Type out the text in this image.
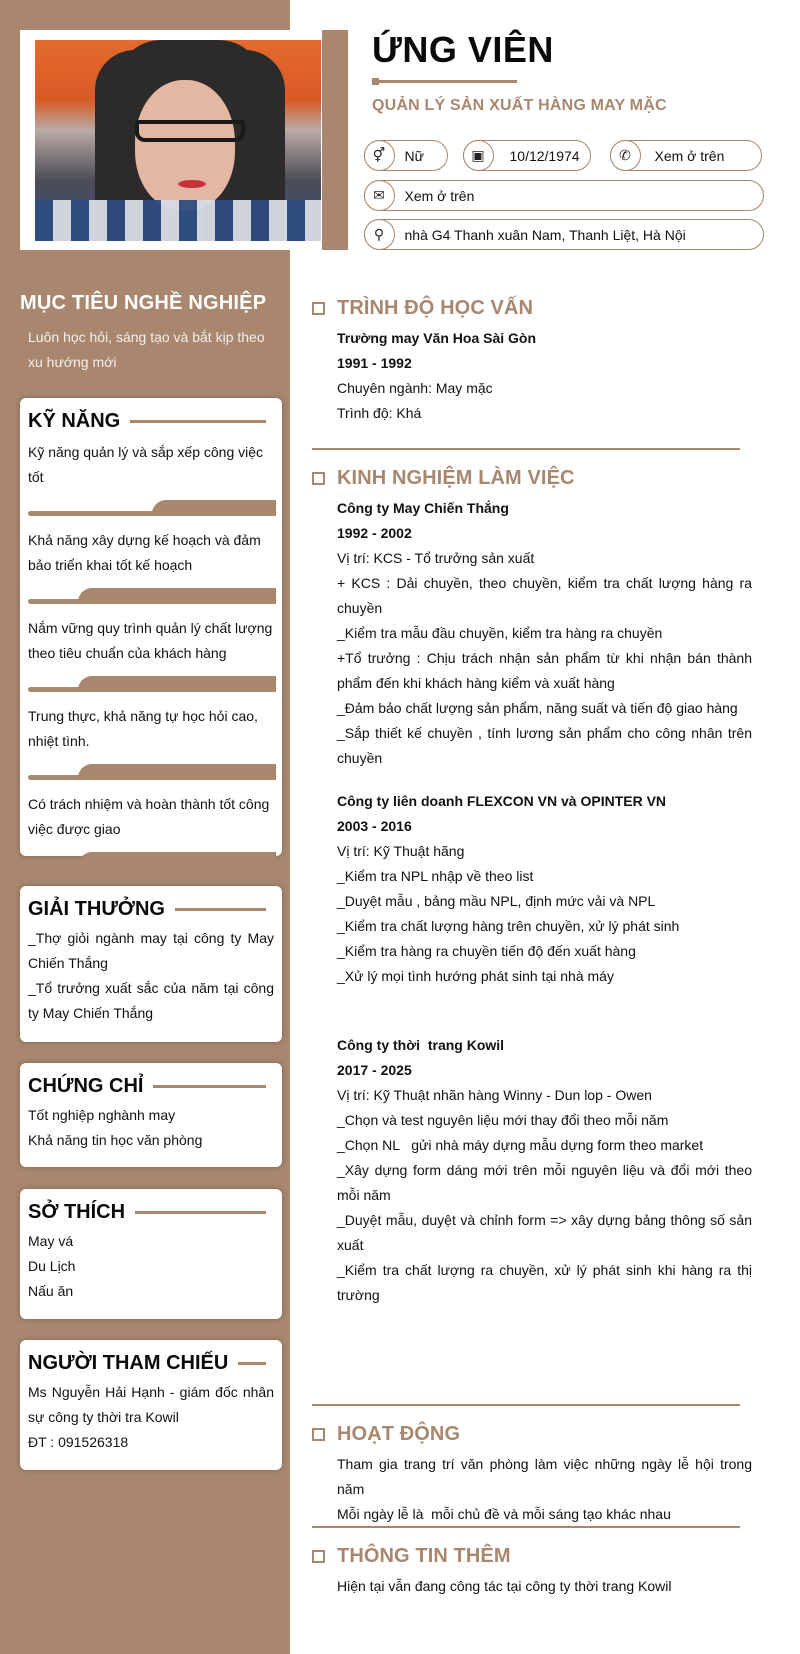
ỨNG VIÊN
QUẢN LÝ SẢN XUẤT HÀNG MAY MẶC
⚥	Nữ	▣	10/12/1974	✆	Xem ở trên
✉	Xem ở trên
⚲	nhà G4 Thanh xuân Nam, Thanh Liệt, Hà Nội
MỤC TIÊU NGHỀ NGHIỆP
Luôn học hỏi, sáng tạo và bắt kịp theo xu hướng mới
KỸ NĂNG
Kỹ năng quản lý và sắp xếp công việc tốt
Khả năng xây dựng kế hoạch và đảm bảo triển khai tốt kế hoạch
Nắm vững quy trình quản lý chất lượng theo tiêu chuẩn của khách hàng
Trung thực, khả năng tự học hỏi cao, nhiệt tình.
Có trách nhiệm và hoàn thành tốt công việc được giao
GIẢI THƯỞNG
_Thợ giỏi ngành may tại công ty May Chiến Thắng
_Tổ trưởng xuất sắc của năm tại công ty May Chiến Thắng
CHỨNG CHỈ
Tốt nghiệp nghành may
Khả năng tin học văn phòng
SỞ THÍCH
May vá
Du Lịch
Nấu ăn
NGƯỜI THAM CHIẾU
Ms Nguyễn Hải Hạnh - giám đốc nhân sự công ty thời tra Kowil
ĐT : 091526318
TRÌNH ĐỘ HỌC VẤN
Trường may Văn Hoa Sài Gòn
1991 - 1992
Chuyên ngành: May mặc
Trình độ: Khá
KINH NGHIỆM LÀM VIỆC
Công ty May Chiến Thắng
1992 - 2002
Vị trí: KCS - Tổ trưởng sản xuất
+ KCS : Dải chuyền, theo chuyền, kiểm tra chất lượng hàng ra chuyền
_Kiểm tra mẫu đầu chuyền, kiểm tra hàng ra chuyền
+Tổ trưởng : Chịu trách nhận sản phẩm từ khi nhận bán thành phẩm đến khi khách hàng kiểm và xuất hàng
_Đảm bảo chất lượng sản phẩm, năng suất và tiến độ giao hàng
_Sắp thiết kế chuyền , tính lương sản phẩm cho công nhân trên chuyền
Công ty liên doanh FLEXCON VN và OPINTER VN
2003 - 2016
Vị trí: Kỹ Thuật hãng
_Kiểm tra NPL nhập về theo list
_Duyệt mẫu , bảng mầu NPL, định mức vải và NPL
_Kiểm tra chất lượng hàng trên chuyền, xử lý phát sinh
_Kiểm tra hàng ra chuyền tiến độ đến xuất hàng
_Xử lý mọi tình hướng phát sinh tại nhà máy
Công ty thời  trang Kowil
2017 - 2025
Vị trí: Kỹ Thuật nhãn hàng Winny - Dun lop - Owen
_Chọn và test nguyên liệu mới thay đổi theo mỗi năm
_Chọn NL   gửi nhà máy dựng mẫu dựng form theo market
_Xây dựng form dáng mới trên mỗi nguyên liệu và đổi mới theo mỗi năm
_Duyệt mẫu, duyệt và chỉnh form => xây dựng bảng thông số sản xuất
_Kiểm tra chất lượng ra chuyền, xử lý phát sinh khi hàng ra thị trường
HOẠT ĐỘNG
Tham gia trang trí văn phòng làm việc những ngày lễ hội trong năm
Mỗi ngày lễ là  mỗi chủ đề và mỗi sáng tạo khác nhau
THÔNG TIN THÊM
Hiện tại vẫn đang công tác tại công ty thời trang Kowil
